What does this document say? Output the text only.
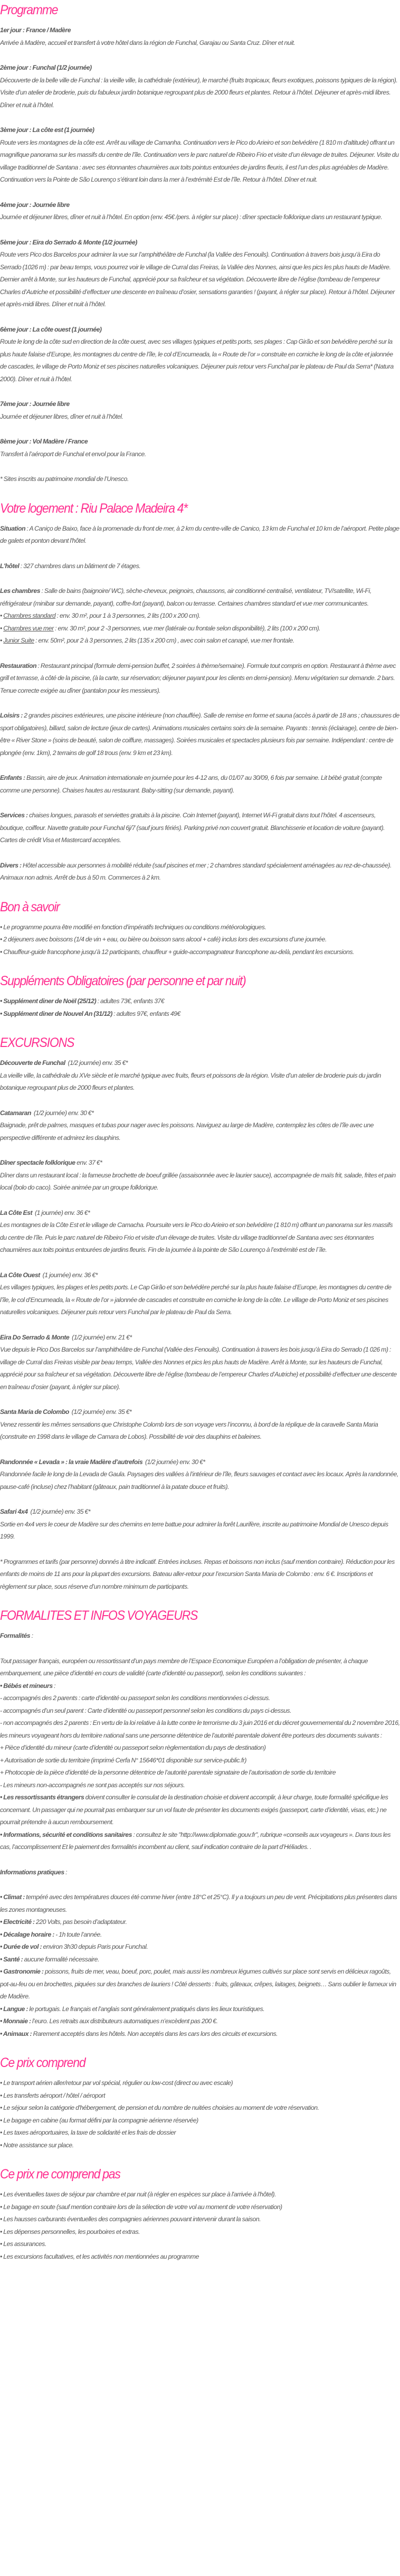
Programme

1er jour : France / Madère

Arrivée à Madère, accueil et transfert à votre hôtel dans la région de Funchal, Garajau ou Santa Cruz. Dîner et nuit.

2ème jour : Funchal (1/2 journée)

Découverte de la belle ville de Funchal : la vieille ville, la cathédrale (extérieur), le marché (fruits tropicaux, fleurs exotiques, poissons typiques de la région). Visite d’un atelier de broderie, puis du fabuleux jardin botanique regroupant plus de 2000 fleurs et plantes. Retour à l’hôtel. Déjeuner et après-midi libres. Dîner et nuit à l’hôtel.

3ème jour : La côte est (1 journée)

Route vers les montagnes de la côte est. Arrêt au village de Camanha. Continuation vers le Pico do Arieiro et son belvédère (1 810 m d'altitude) offrant un magnifique panorama sur les massifs du centre de l’île. Continuation vers le parc naturel de Ribeiro Frio et visite d’un élevage de truites. Déjeuner. Visite du village traditionnel de Santana : avec ses étonnantes chaumières aux toits pointus entourées de jardins fleuris, il est l’un des plus agréables de Madère. Continuation vers la Pointe de São Lourenço s’étirant loin dans la mer à l’extrémité Est de l’île. Retour à l’hôtel. Dîner et nuit.

4ème jour : Journée libre

Journée et déjeuner libres, dîner et nuit à l’hôtel. En option (env. 45€ /pers. à régler sur place) : dîner spectacle folklorique dans un restaurant typique.

5ème jour : Eira do Serrado & Monte (1/2 journée)

Route vers Pico dos Barcelos pour admirer la vue sur l’amphithéâtre de Funchal (la Vallée des Fenouils). Continuation à travers bois jusqu’à Eira do Serrado (1026 m) : par beau temps, vous pourrez voir le village de Curral das Freiras, la Vallée des Nonnes, ainsi que les pics les plus hauts de Madère. Dernier arrêt à Monte, sur les hauteurs de Funchal, apprécié pour sa fraîcheur et sa végétation. Découverte libre de l’église (tombeau de l’empereur Charles d’Autriche et possibilité d’effectuer une descente en traîneau d’osier, sensations garanties ! (payant, à régler sur place). Retour à l’hôtel. Déjeuner et après-midi libres. Dîner et nuit à l’hôtel.

6ème jour : La côte ouest (1 journée)

Route le long de la côte sud en direction de la côte ouest, avec ses villages typiques et petits ports, ses plages : Cap Girão et son belvédère perché sur la plus haute falaise d’Europe, les montagnes du centre de l’île, le col d’Encumeada, la « Route de l’or » construite en corniche le long de la côte et jalonnée de cascades, le village de Porto Moniz et ses piscines naturelles volcaniques. Déjeuner puis retour vers Funchal par le plateau de Paul da Serra* (Natura 2000). Dîner et nuit à l’hôtel.

7ème jour : Journée libre

Journée et déjeuner libres, dîner et nuit à l’hôtel.

8ème jour : Vol Madère / France

Transfert à l’aéroport de Funchal et envol pour la France.

* Sites inscrits au patrimoine mondial de l’Unesco.

Votre logement : Riu Palace Madeira 4*

Situation : A Caniço de Baixo, face à la promenade du front de mer, à 2 km du centre-ville de Canico, 13 km de Funchal et 10 km de l’aéroport. Petite plage de galets et ponton devant l'hôtel.

L'hôtel : 327 chambres dans un bâtiment de 7 étages.

Les chambres : Salle de bains (baignoire/ WC), sèche-cheveux, peignoirs, chaussons, air conditionné centralisé, ventilateur, TV/satellite, Wi-Fi, réfrigérateur (minibar sur demande, payant), coffre-fort (payant), balcon ou terrasse. Certaines chambres standard et vue mer communicantes.

• Chambres standard : env. 30 m², pour 1 à 3 personnes, 2 lits (100 x 200 cm).

• Chambres vue mer : env. 30 m², pour 2 -3 personnes, vue mer (latérale ou frontale selon disponibilité), 2 lits (100 x 200 cm).

• Junior Suite : env. 50m², pour 2 à 3 personnes, 2 lits (135 x 200 cm) , avec coin salon et canapé, vue mer frontale.

Restauration : Restaurant principal (formule demi-pension buffet, 2 soirées à thème/semaine). Formule tout compris en option. Restaurant à thème avec grill et terrasse, à côté de la piscine, (à la carte, sur réservation; déjeuner payant pour les clients en demi-pension). Menu végétarien sur demande. 2 bars. Tenue correcte exigée au dîner (pantalon pour les messieurs).

Loisirs : 2 grandes piscines extérieures, une piscine intérieure (non chauffée). Salle de remise en forme et sauna (accès à partir de 18 ans ; chaussures de sport obligatoires), billard, salon de lecture (jeux de cartes). Animations musicales certains soirs de la semaine. Payants : tennis (éclairage), centre de bien-être « River Stone » (soins de beauté, salon de coiffure, massages). Soirées musicales et spectacles plusieurs fois par semaine. Indépendant : centre de plongée (env. 1km), 2 terrains de golf 18 trous (env. 9 km et 23 km).

Enfants : Bassin, aire de jeux. Animation internationale en journée pour les 4-12 ans, du 01/07 au 30/09, 6 fois par semaine. Lit bébé gratuit (compte comme une personne). Chaises hautes au restaurant. Baby-sitting (sur demande, payant).

Services : chaises longues, parasols et serviettes gratuits à la piscine. Coin Internet (payant), Internet Wi-Fi gratuit dans tout l’hôtel. 4 ascenseurs, boutique, coiffeur. Navette gratuite pour Funchal 6j/7 (sauf jours fériés). Parking privé non couvert gratuit. Blanchisserie et location de voiture (payant). Cartes de crédit Visa et Mastercard acceptées.

Divers : Hôtel accessible aux personnes à mobilité réduite (sauf piscines et mer ; 2 chambres standard spécialement aménagées au rez-de-chaussée). Animaux non admis. Arrêt de bus à 50 m. Commerces à 2 km.

Bon à savoir

• Le programme pourra être modifié en fonction d’impératifs techniques ou conditions météorologiques.

• 2 déjeuners avec boissons (1/4 de vin + eau, ou bière ou boisson sans alcool + café) inclus lors des excursions d’une journée.

• Chauffeur-guide francophone jusqu’à 12 participants, chauffeur + guide-accompagnateur francophone au-delà, pendant les excursions.

Suppléments Obligatoires (par personne et par nuit)

• Supplément diner de Noël (25/12) : adultes 73€, enfants 37€

• Supplément diner de Nouvel An (31/12) : adultes 97€, enfants 49€

EXCURSIONS

Découverte de Funchal  (1/2 journée) env. 35 €*

La vieille ville, la cathédrale du XVe siècle et le marché typique avec fruits, fleurs et poissons de la région. Visite d’un atelier de broderie puis du jardin botanique regroupant plus de 2000 fleurs et plantes.

Catamaran  (1/2 journée) env. 30 €*

Baignade, prêt de palmes, masques et tubas pour nager avec les poissons. Naviguez au large de Madère, contemplez les côtes de l’île avec une perspective différente et admirez les dauphins.

Dîner spectacle folklorique env. 37 €*

Dîner dans un restaurant local : la fameuse brochette de boeuf grillée (assaisonnée avec le laurier sauce), accompagnée de maïs frit, salade, frites et pain local (bolo do caco). Soirée animée par un groupe folklorique.

La Côte Est  (1 journée) env. 36 €*

Les montagnes de la Côte Est et le village de Camacha. Poursuite vers le Pico do Arieiro et son belvédère (1 810 m) offrant un panorama sur les massifs du centre de l’île. Puis le parc naturel de Ribeiro Frio et visite d’un élevage de truites. Visite du village traditionnel de Santana avec ses étonnantes chaumières aux toits pointus entourées de jardins fleuris. Fin de la journée à la pointe de São Lourenço à l’extrémité est de l´île.

La Côte Ouest  (1 journée) env. 36 €*

Les villages typiques, les plages et les petits ports. Le Cap Girão et son belvédère perché sur la plus haute falaise d’Europe, les montagnes du centre de l’île, le col d’Encumeada, la « Route de l’or » jalonnée de cascades et construite en corniche le long de la côte. Le village de Porto Moniz et ses piscines naturelles volcaniques. Déjeuner puis retour vers Funchal par le plateau de Paul da Serra.

Eira Do Serrado & Monte  (1/2 journée) env. 21 €*

Vue depuis le Pico Dos Barcelos sur l’amphithéâtre de Funchal (Vallée des Fenouils). Continuation à travers les bois jusqu’à Eira do Serrado (1 026 m) : village de Curral das Freiras visible par beau temps, Vallée des Nonnes et pics les plus hauts de Madère. Arrêt à Monte, sur les hauteurs de Funchal, apprécié pour sa fraîcheur et sa végétation. Découverte libre de l’église (tombeau de l’empereur Charles d’Autriche) et possibilité d’effectuer une descente en traîneau d’osier (payant, à régler sur place).

Santa Maria de Colombo  (1/2 journée) env. 35 €*

Venez ressentir les mêmes sensations que Christophe Colomb lors de son voyage vers l’inconnu, à bord de la réplique de la caravelle Santa Maria (construite en 1998 dans le village de Camara de Lobos). Possibilité de voir des dauphins et baleines.

Randonnée « Levada » : la vraie Madère d’autrefois  (1/2 journée) env. 30 €*

Randonnée facile le long de la Levada de Gaula. Paysages des vallées à l’intérieur de l’île, fleurs sauvages et contact avec les locaux. Après la randonnée, pause-café (incluse) chez l’habitant (gâteaux, pain traditionnel à la patate douce et fruits).

Safari 4x4  (1/2 journée) env. 35 €*

Sortie en 4x4 vers le coeur de Madère sur des chemins en terre battue pour admirer la forêt Laurifère, inscrite au patrimoine Mondial de Unesco depuis 1999.

* Programmes et tarifs (par personne) donnés à titre indicatif. Entrées incluses. Repas et boissons non inclus (sauf mention contraire). Réduction pour les enfants de moins de 11 ans pour la plupart des excursions. Bateau aller-retour pour l’excursion Santa Maria de Colombo : env. 6 €. Inscriptions et règlement sur place, sous réserve d’un nombre minimum de participants.

FORMALITES ET INFOS VOYAGEURS

Formalités :

Tout passager français, européen ou ressortissant d’un pays membre de l’Espace Economique Européen a l’obligation de présenter, à chaque embarquement, une pièce d’identité en cours de validité (carte d’identité ou passeport), selon les conditions suivantes :

• Bébés et mineurs :

- accompagnés des 2 parents : carte d’identité ou passeport selon les conditions mentionnées ci-dessus.

- accompagnés d’un seul parent : Carte d’identité ou passeport personnel selon les conditions du pays ci-dessus.

- non accompagnés des 2 parents : En vertu de la loi relative à la lutte contre le terrorisme du 3 juin 2016 et du décret gouvernemental du 2 novembre 2016, les mineurs voyageant hors du territoire national sans une personne détentrice de l’autorité parentale doivent être porteurs des documents suivants :

+ Pièce d’identité du mineur (carte d’identité ou passeport selon règlementation du pays de destination)

+ Autorisation de sortie du territoire (imprimé Cerfa N° 15646*01 disponible sur service-public.fr)

+ Photocopie de la pièce d’identité de la personne détentrice de l’autorité parentale signataire de l’autorisation de sortie du territoire

- Les mineurs non-accompagnés ne sont pas acceptés sur nos séjours.

• Les ressortissants étrangers doivent consulter le consulat de la destination choisie et doivent accomplir, à leur charge, toute formalité spécifique les concernant. Un passager qui ne pourrait pas embarquer sur un vol faute de présenter les documents exigés (passeport, carte d’identité, visas, etc.) ne pourrait prétendre à aucun remboursement.

• Informations, sécurité et conditions sanitaires : consultez le site "http://www.diplomatie.gouv.fr", rubrique «conseils aux voyageurs ». Dans tous les cas, l’accomplissement Et le paiement des formalités incombent au client, sauf indication contraire de la part d’Héliades. .

Informations pratiques :

• Climat : tempéré avec des températures douces été comme hiver (entre 18°C et 25°C). Il y a toujours un peu de vent. Précipitations plus présentes dans les zones montagneuses.

• Electricité : 220 Volts, pas besoin d’adaptateur.

• Décalage horaire : - 1h toute l’année.

• Durée de vol : environ 3h30 depuis Paris pour Funchal.

• Santé : aucune formalité nécessaire.

• Gastronomie : poissons, fruits de mer, veau, boeuf, porc, poulet, mais aussi les nombreux légumes cultivés sur place sont servis en délicieux ragoûts, pot-au-feu ou en brochettes, piquées sur des branches de lauriers ! Côté desserts : fruits, gâteaux, crêpes, laitages, beignets… Sans oublier le fameux vin de Madère.

• Langue : le portugais. Le français et l’anglais sont généralement pratiqués dans les lieux touristiques.

• Monnaie : l’euro. Les retraits aux distributeurs automatiques n’excèdent pas 200 €.

• Animaux : Rarement acceptés dans les hôtels. Non acceptés dans les cars lors des circuits et excursions.

Ce prix comprend

• Le transport aérien aller/retour par vol spécial, régulier ou low-cost (direct ou avec escale)

• Les transferts aéroport / hôtel / aéroport

• Le séjour selon la catégorie d'hébergement, de pension et du nombre de nuitées choisies au moment de votre réservation.

• Le bagage en cabine (au format défini par la compagnie aérienne réservée)

• Les taxes aéroportuaires, la taxe de solidarité et les frais de dossier

• Notre assistance sur place.

Ce prix ne comprend pas

• Les éventuelles taxes de séjour par chambre et par nuit (à régler en espèces sur place à l'arrivée à l'hôtel).

• Le bagage en soute (sauf mention contraire lors de la sélection de votre vol au moment de votre réservation)

• Les hausses carburants éventuelles des compagnies aériennes pouvant intervenir durant la saison.

• Les dépenses personnelles, les pourboires et extras.

• Les assurances.

• Les excursions facultatives, et les activités non mentionnées au programme
